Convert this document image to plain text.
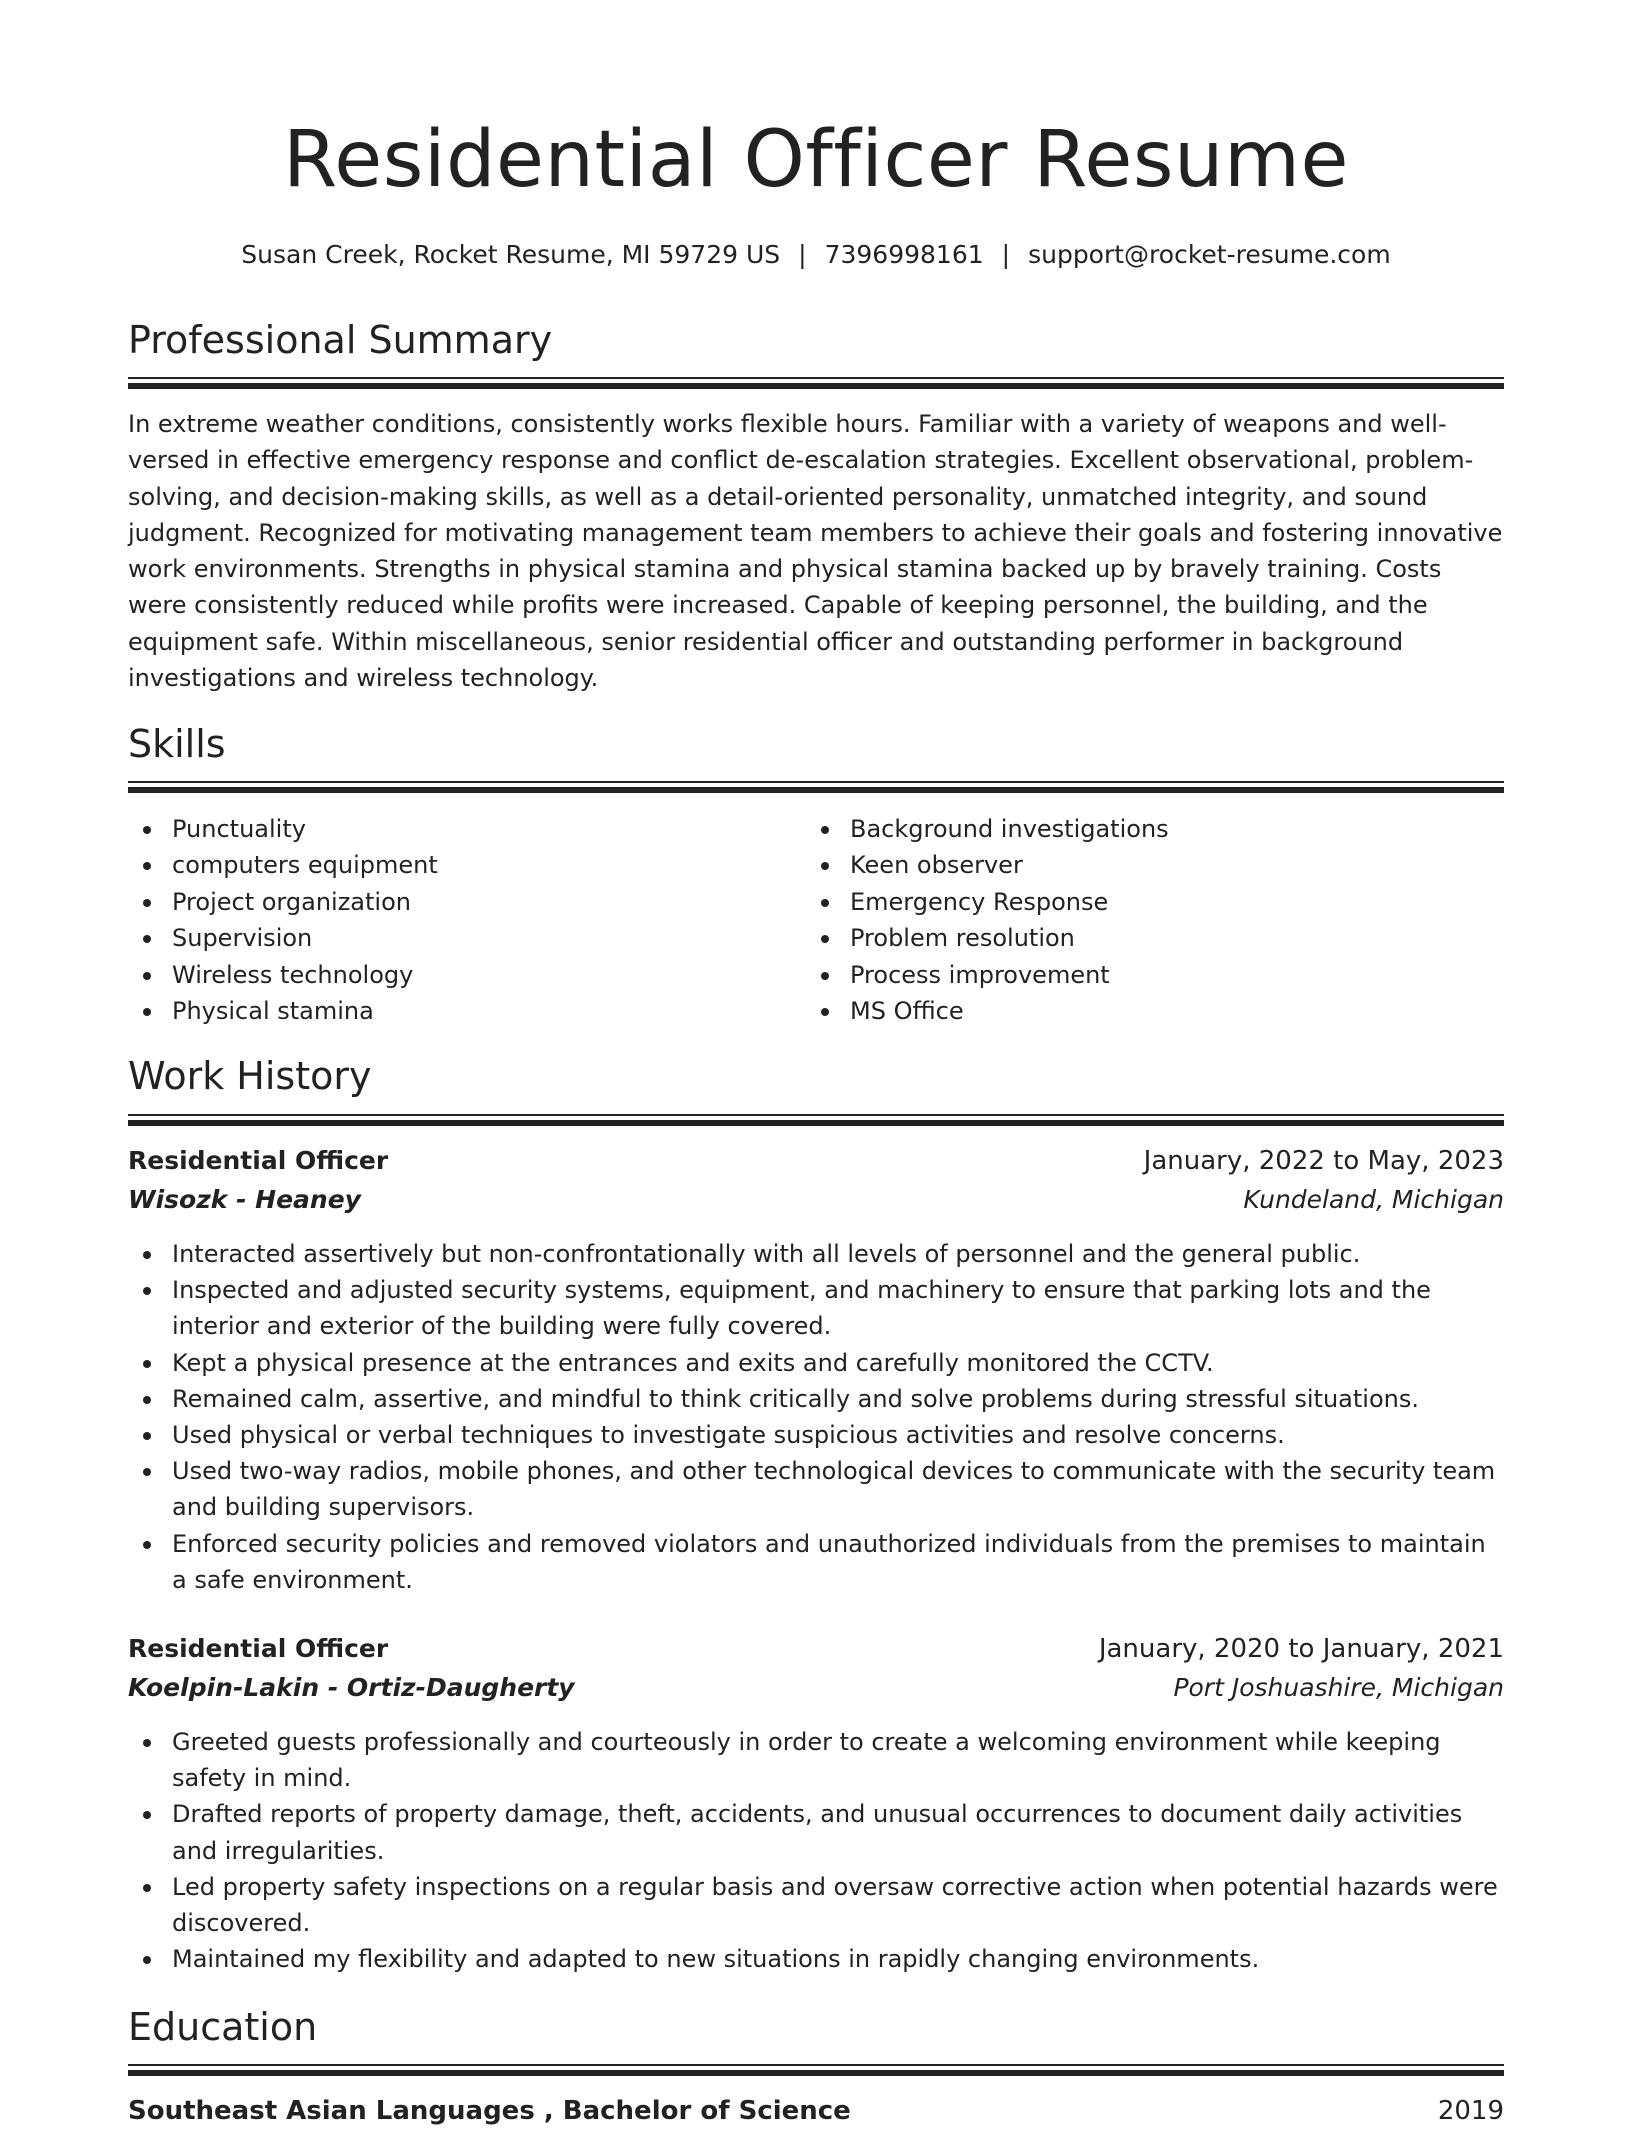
Residential Officer Resume
Susan Creek, Rocket Resume, MI 59729 US | 7396998161 | support@rocket-resume.com
Professional Summary

In extreme weather conditions, consistently works flexible hours. Familiar with a variety of weapons and well-versed in effective emergency response and conflict de-escalation strategies. Excellent observational, problem-solving, and decision-making skills, as well as a detail-oriented personality, unmatched integrity, and sound judgment. Recognized for motivating management team members to achieve their goals and fostering innovative work environments. Strengths in physical stamina and physical stamina backed up by bravely training. Costs were consistently reduced while profits were increased. Capable of keeping personnel, the building, and the equipment safe. Within miscellaneous, senior residential officer and outstanding performer in background investigations and wireless technology.

Skills
Punctuality
computers equipment
Project organization
Supervision
Wireless technology
Physical stamina
Background investigations
Keen observer
Emergency Response
Problem resolution
Process improvement
MS Office
Work History
Residential Officer	January, 2022 to May, 2023
Wisozk - Heaney	Kundeland, Michigan
Interacted assertively but non-confrontationally with all levels of personnel and the general public.
Inspected and adjusted security systems, equipment, and machinery to ensure that parking lots and the interior and exterior of the building were fully covered.
Kept a physical presence at the entrances and exits and carefully monitored the CCTV.
Remained calm, assertive, and mindful to think critically and solve problems during stressful situations.
Used physical or verbal techniques to investigate suspicious activities and resolve concerns.
Used two-way radios, mobile phones, and other technological devices to communicate with the security team and building supervisors.
Enforced security policies and removed violators and unauthorized individuals from the premises to maintain a safe environment.
Residential Officer	January, 2020 to January, 2021
Koelpin-Lakin - Ortiz-Daugherty	Port Joshuashire, Michigan
Greeted guests professionally and courteously in order to create a welcoming environment while keeping safety in mind.
Drafted reports of property damage, theft, accidents, and unusual occurrences to document daily activities and irregularities.
Led property safety inspections on a regular basis and oversaw corrective action when potential hazards were discovered.
Maintained my flexibility and adapted to new situations in rapidly changing environments.
Education
Southeast Asian Languages , Bachelor of Science	2019
